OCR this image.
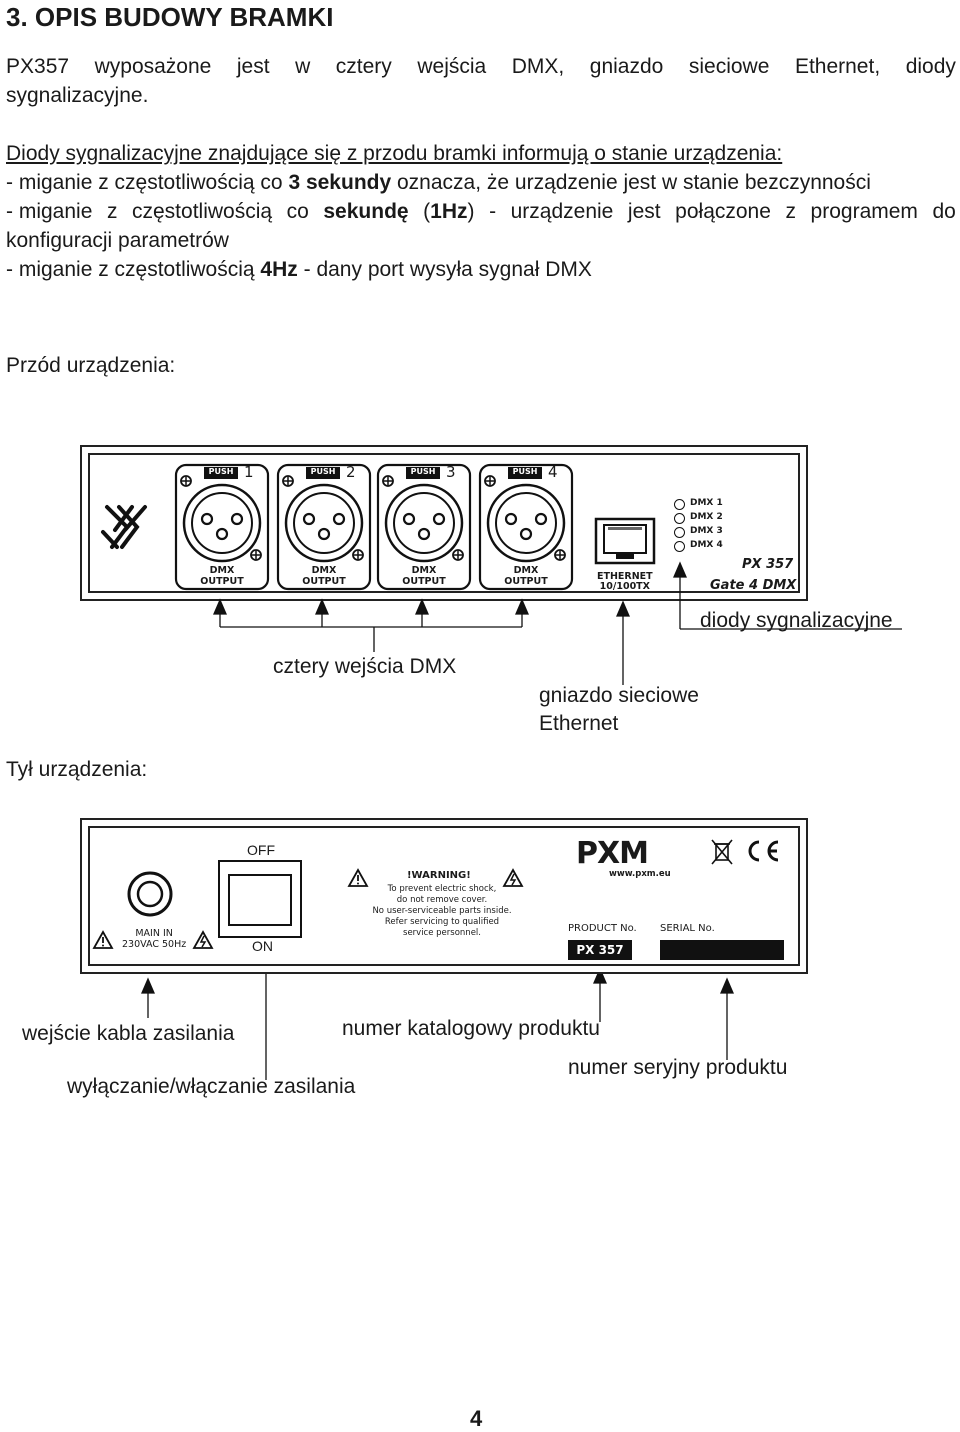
3. OPIS BUDOWY BRAMKI
PX357 wyposażone jest w cztery wejścia DMX, gniazdo sieciowe Ethernet, diody
sygnalizacyjne.
Diody sygnalizacyjne znajdujące się z przodu bramki informują o stanie urządzenia:
- miganie z częstotliwością co 3 sekundy oznacza, że urządzenie jest w stanie bezczynności
- miganie z częstotliwością co sekundę (1Hz) - urządzenie jest połączone z programem do
konfiguracji parametrów
- miganie z częstotliwością 4Hz - dany port wysyła sygnał DMX
Przód urządzenia:
PUSH 1
DMX
OUTPUT
PUSH 2
DMX
OUTPUT
PUSH 3
DMX
OUTPUT
PUSH 4
DMX
OUTPUT	ETHERNET
10/100TX
DMX 1
DMX 2
DMX 3
DMX 4
PX 357
Gate 4 DMX
diody sygnalizacyjne
cztery wejścia DMX
gniazdo sieciowe
Ethernet
Tył urządzenia:
MAIN IN
230VAC 50Hz
OFF
ON
!WARNING!
To prevent electric shock,
do not remove cover.
No user-serviceable parts inside.
Refer servicing to qualified
service personnel.
PXM
www.pxm.eu
PRODUCT No.
PX 357
SERIAL No.
wejście kabla zasilania
wyłączanie/włączanie zasilania
numer katalogowy produktu
numer seryjny produktu
4
